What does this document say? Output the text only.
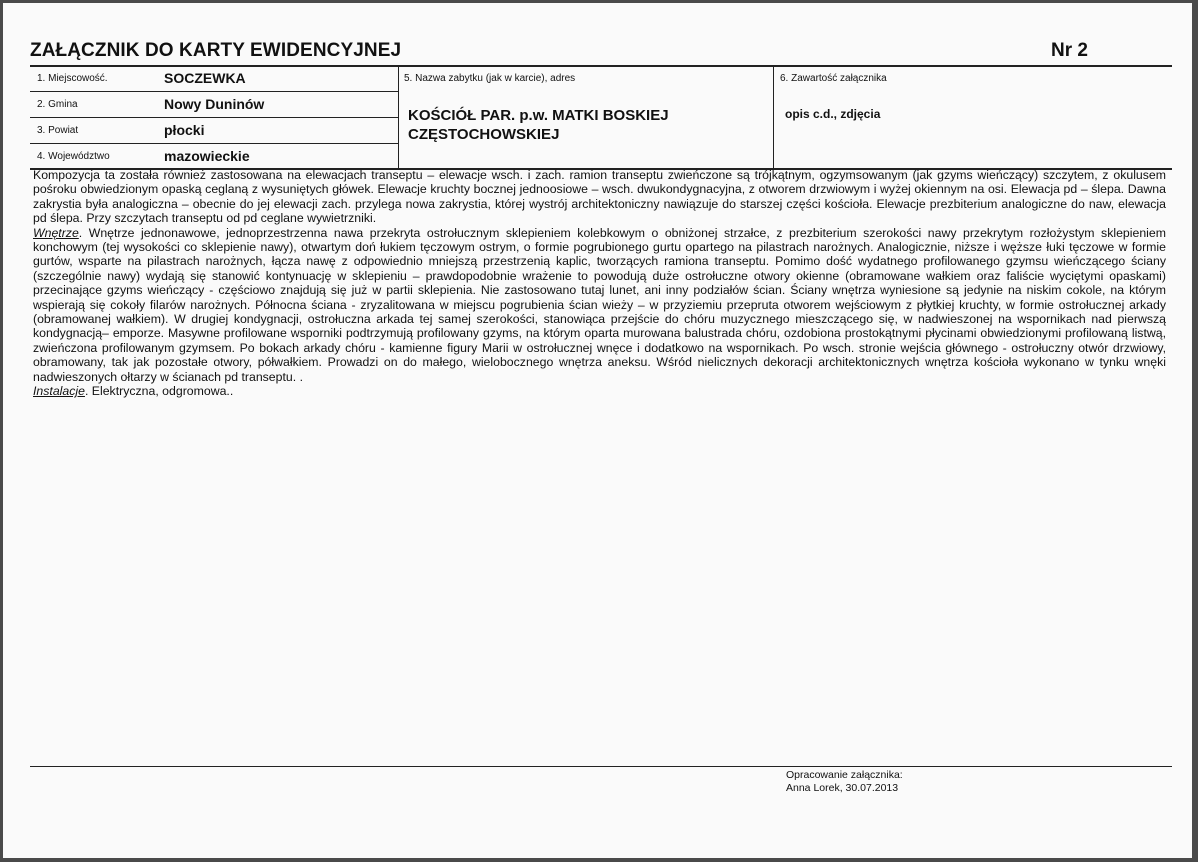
ZAŁĄCZNIK DO KARTY EWIDENCYJNEJ	Nr 2
1. Miejscowość.	SOCZEWKA
2. Gmina	Nowy Duninów
3. Powiat	płocki
4. Województwo	mazowieckie
5. Nazwa zabytku (jak w karcie), adres
KOŚCIÓŁ PAR. p.w. MATKI BOSKIEJ
CZĘSTOCHOWSKIEJ
6. Zawartość załącznika
opis c.d., zdjęcia

Kompozycja ta została również zastosowana na elewacjach transeptu – elewacje wsch. i zach. ramion transeptu zwieńczone są trójkątnym, ogzymsowanym (jak gzyms wieńczący) szczytem, z okulusem pośroku obwiedzionym opaską ceglaną z wysuniętych główek. Elewacje kruchty bocznej jednoosiowe – wsch. dwukondygnacyjna, z otworem drzwiowym i wyżej okiennym na osi. Elewacja pd – ślepa. Dawna zakrystia była analogiczna – obecnie do jej elewacji zach. przylega nowa zakrystia, której wystrój architektoniczny nawiązuje do starszej części kościoła. Elewacje prezbiterium analogiczne do naw, elewacja pd ślepa. Przy szczytach transeptu od pd ceglane wywietrzniki.

Wnętrze. Wnętrze jednonawowe, jednoprzestrzenna nawa przekryta ostrołucznym sklepieniem kolebkowym o obniżonej strzałce, z prezbiterium szerokości nawy przekrytym rozłożystym sklepieniem konchowym (tej wysokości co sklepienie nawy), otwartym doń łukiem tęczowym ostrym, o formie pogrubionego gurtu opartego na pilastrach narożnych. Analogicznie, niższe i węższe łuki tęczowe w formie gurtów, wsparte na pilastrach narożnych, łącza nawę z odpowiednio mniejszą przestrzenią kaplic, tworzących ramiona transeptu. Pomimo dość wydatnego profilowanego gzymsu wieńczącego ściany (szczególnie nawy) wydają się stanowić kontynuację w sklepieniu – prawdopodobnie wrażenie to powodują duże ostrołuczne otwory okienne (obramowane wałkiem oraz faliście wyciętymi opaskami) przecinające gzyms wieńczący - częściowo znajdują się już w partii sklepienia. Nie zastosowano tutaj lunet, ani inny podziałów ścian. Ściany wnętrza wyniesione są jedynie na niskim cokole, na którym wspierają się cokoły filarów narożnych. Północna ściana - zryzalitowana w miejscu pogrubienia ścian wieży – w przyziemiu przepruta otworem wejściowym z płytkiej kruchty, w formie ostrołucznej arkady (obramowanej wałkiem). W drugiej kondygnacji, ostrołuczna arkada tej samej szerokości, stanowiąca przejście do chóru muzycznego mieszczącego się, w nadwieszonej na wspornikach nad pierwszą kondygnacją– emporze. Masywne profilowane wsporniki podtrzymują profilowany gzyms, na którym oparta murowana balustrada chóru, ozdobiona prostokątnymi płycinami obwiedzionymi profilowaną listwą, zwieńczona profilowanym gzymsem. Po bokach arkady chóru - kamienne figury Marii w ostrołucznej wnęce i dodatkowo na wspornikach. Po wsch. stronie wejścia głównego - ostrołuczny otwór drzwiowy, obramowany, tak jak pozostałe otwory, półwałkiem. Prowadzi on do małego, wielobocznego wnętrza aneksu. Wśród nielicznych dekoracji architektonicznych wnętrza kościoła wykonano w tynku wnęki nadwieszonych ołtarzy w ścianach pd transeptu. .

Instalacje. Elektryczna, odgromowa..

Opracowanie załącznika:
Anna Lorek, 30.07.2013
